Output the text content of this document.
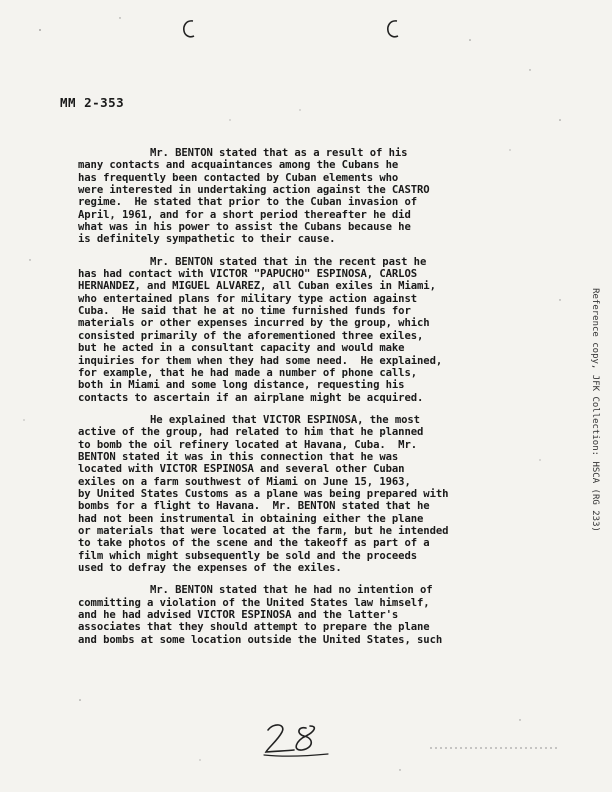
MM 2-353
Mr. BENTON stated that as a result of his
many contacts and acquaintances among the Cubans he
has frequently been contacted by Cuban elements who
were interested in undertaking action against the CASTRO
regime.  He stated that prior to the Cuban invasion of
April, 1961, and for a short period thereafter he did
what was in his power to assist the Cubans because he
is definitely sympathetic to their cause.
Mr. BENTON stated that in the recent past he
has had contact with VICTOR "PAPUCHO" ESPINOSA, CARLOS
HERNANDEZ, and MIGUEL ALVAREZ, all Cuban exiles in Miami,
who entertained plans for military type action against
Cuba.  He said that he at no time furnished funds for
materials or other expenses incurred by the group, which
consisted primarily of the aforementioned three exiles,
but he acted in a consultant capacity and would make
inquiries for them when they had some need.  He explained,
for example, that he had made a number of phone calls,
both in Miami and some long distance, requesting his
contacts to ascertain if an airplane might be acquired.
He explained that VICTOR ESPINOSA, the most
active of the group, had related to him that he planned
to bomb the oil refinery located at Havana, Cuba.  Mr.
BENTON stated it was in this connection that he was
located with VICTOR ESPINOSA and several other Cuban
exiles on a farm southwest of Miami on June 15, 1963,
by United States Customs as a plane was being prepared with
bombs for a flight to Havana.  Mr. BENTON stated that he
had not been instrumental in obtaining either the plane
or materials that were located at the farm, but he intended
to take photos of the scene and the takeoff as part of a
film which might subsequently be sold and the proceeds
used to defray the expenses of the exiles.
Mr. BENTON stated that he had no intention of
committing a violation of the United States law himself,
and he had advised VICTOR ESPINOSA and the latter's
associates that they should attempt to prepare the plane
and bombs at some location outside the United States, such
Reference copy, JFK Collection: HSCA (RG 233)
